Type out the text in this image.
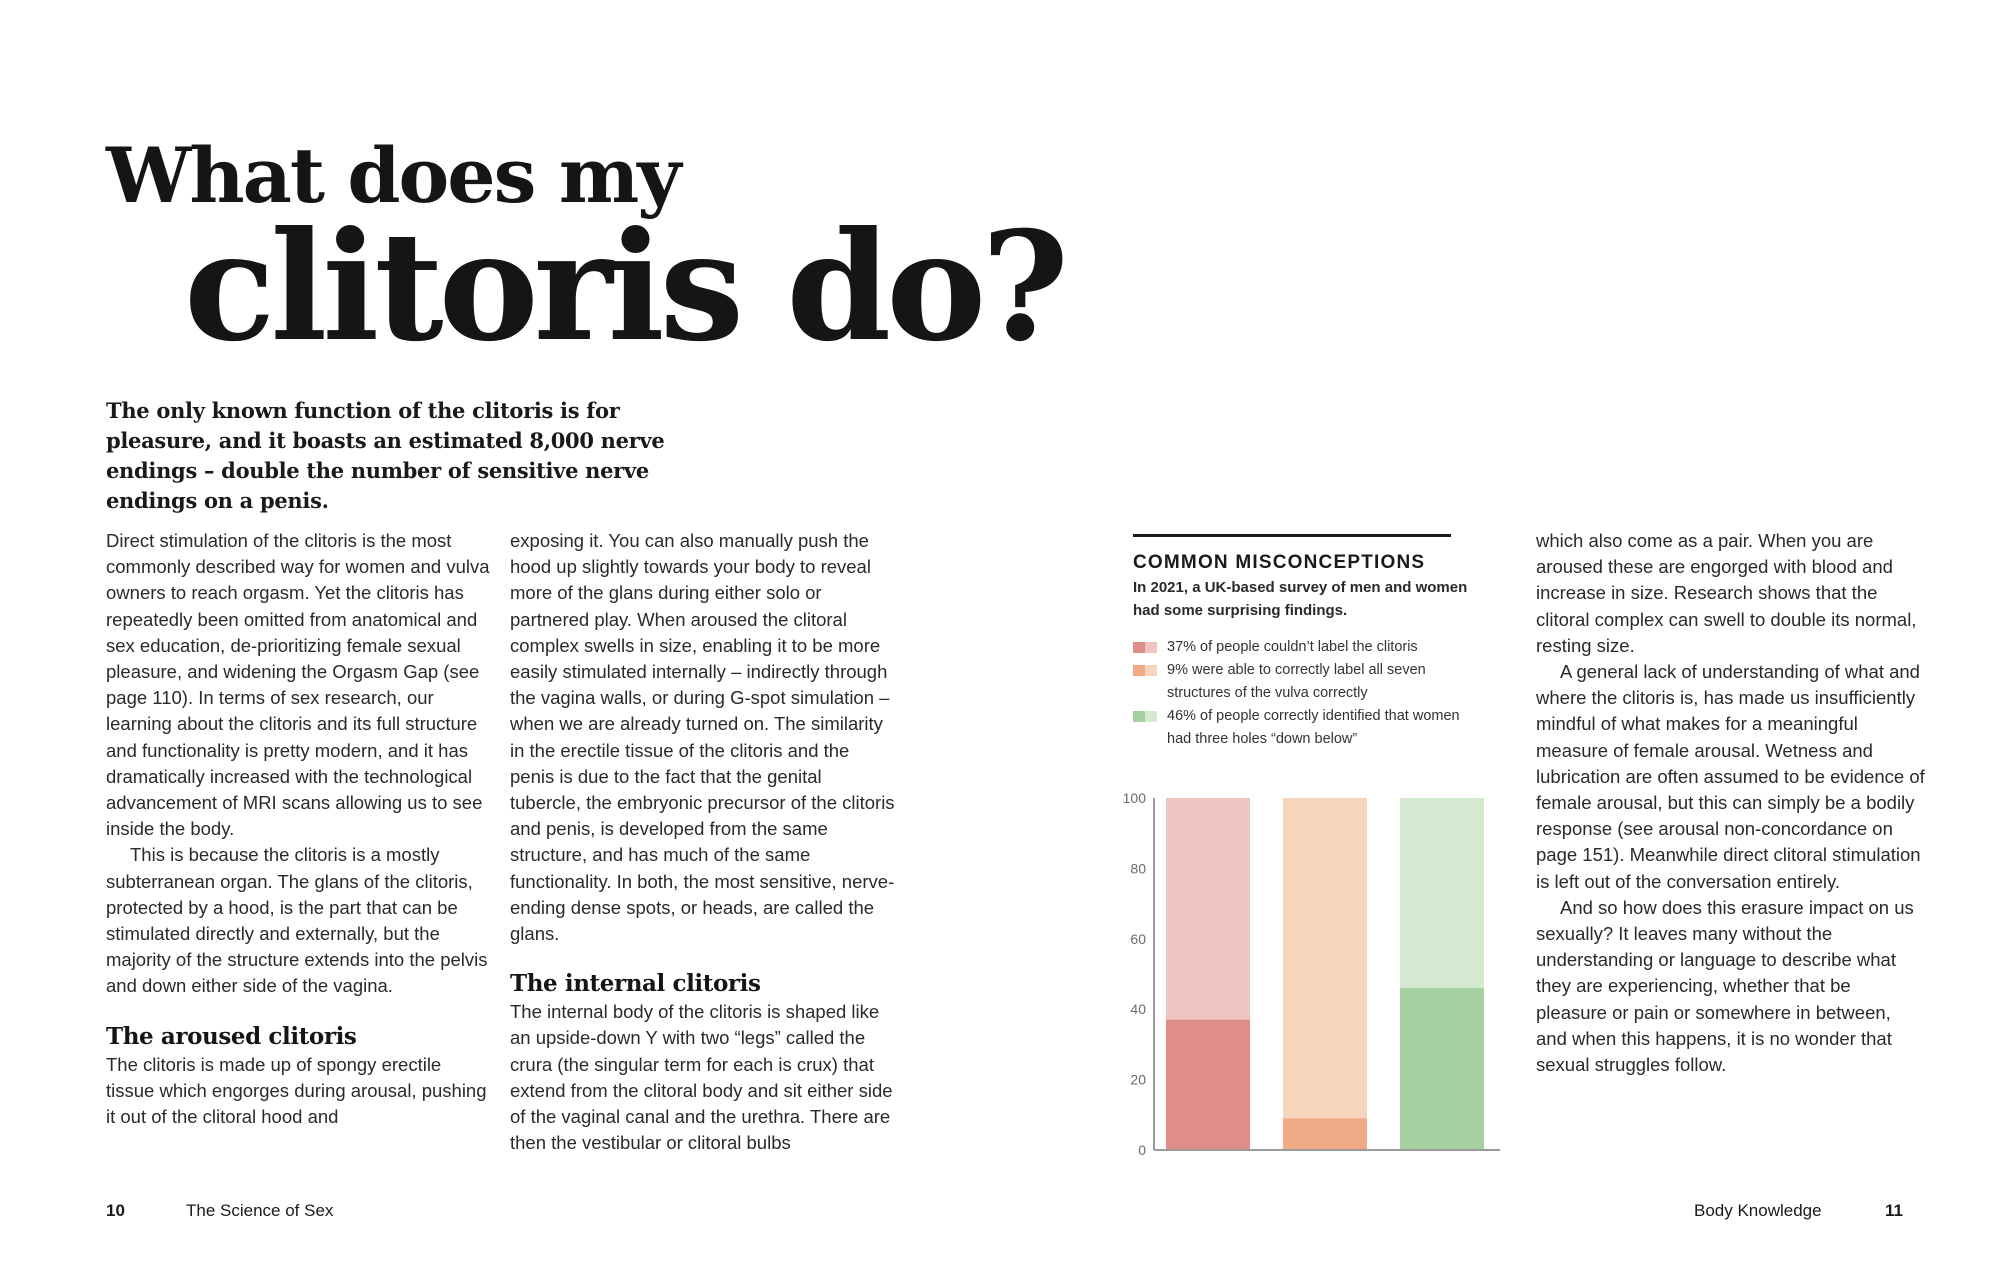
What does my
clitoris do?
The only known function of the clitoris is for pleasure, and it boasts an estimated 8,000 nerve endings – double the number of sensitive nerve endings on a penis.

Direct stimulation of the clitoris is the most commonly described way for women and vulva owners to reach orgasm. Yet the clitoris has repeatedly been omitted from anatomical and sex education, de-prioritizing female sexual pleasure, and widening the Orgasm Gap (see page 110). In terms of sex research, our learning about the clitoris and its full structure and functionality is pretty modern, and it has dramatically increased with the technological advancement of MRI scans allowing us to see inside the body.

This is because the clitoris is a mostly subterranean organ. The glans of the clitoris, protected by a hood, is the part that can be stimulated directly and externally, but the majority of the structure extends into the pelvis and down either side of the vagina.

The aroused clitoris

The clitoris is made up of spongy erectile tissue which engorges during arousal, pushing it out of the clitoral hood and

exposing it. You can also manually push the hood up slightly towards your body to reveal more of the glans during either solo or partnered play. When aroused the clitoral complex swells in size, enabling it to be more easily stimulated internally – indirectly through the vagina walls, or during G-spot simulation – when we are already turned on. The similarity in the erectile tissue of the clitoris and the penis is due to the fact that the genital tubercle, the embryonic precursor of the clitoris and penis, is developed from the same structure, and has much of the same functionality. In both, the most sensitive, nerve-ending dense spots, or heads, are called the glans.

The internal clitoris

The internal body of the clitoris is shaped like an upside-down Y with two “legs” called the crura (the singular term for each is crux) that extend from the clitoral body and sit either side of the vaginal canal and the urethra. There are then the vestibular or clitoral bulbs

which also come as a pair. When you are aroused these are engorged with blood and increase in size. Research shows that the clitoral complex can swell to double its normal, resting size.

A general lack of understanding of what and where the clitoris is, has made us insufficiently mindful of what makes for a meaningful measure of female arousal. Wetness and lubrication are often assumed to be evidence of female arousal, but this can simply be a bodily response (see arousal non-concordance on page 151). Meanwhile direct clitoral stimulation is left out of the conversation entirely.

And so how does this erasure impact on us sexually? It leaves many without the understanding or language to describe what they are experiencing, whether that be pleasure or pain or somewhere in between, and when this happens, it is no wonder that sexual struggles follow.

COMMON MISCONCEPTIONS
In 2021, a UK-based survey of men and women had some surprising findings.
37% of people couldn’t label the clitoris
9% were able to correctly label all seven structures of the vulva correctly
46% of people correctly identified that women had three holes “down below”
0
20
40
60
80
100
10	The Science of Sex	Body Knowledge	11
